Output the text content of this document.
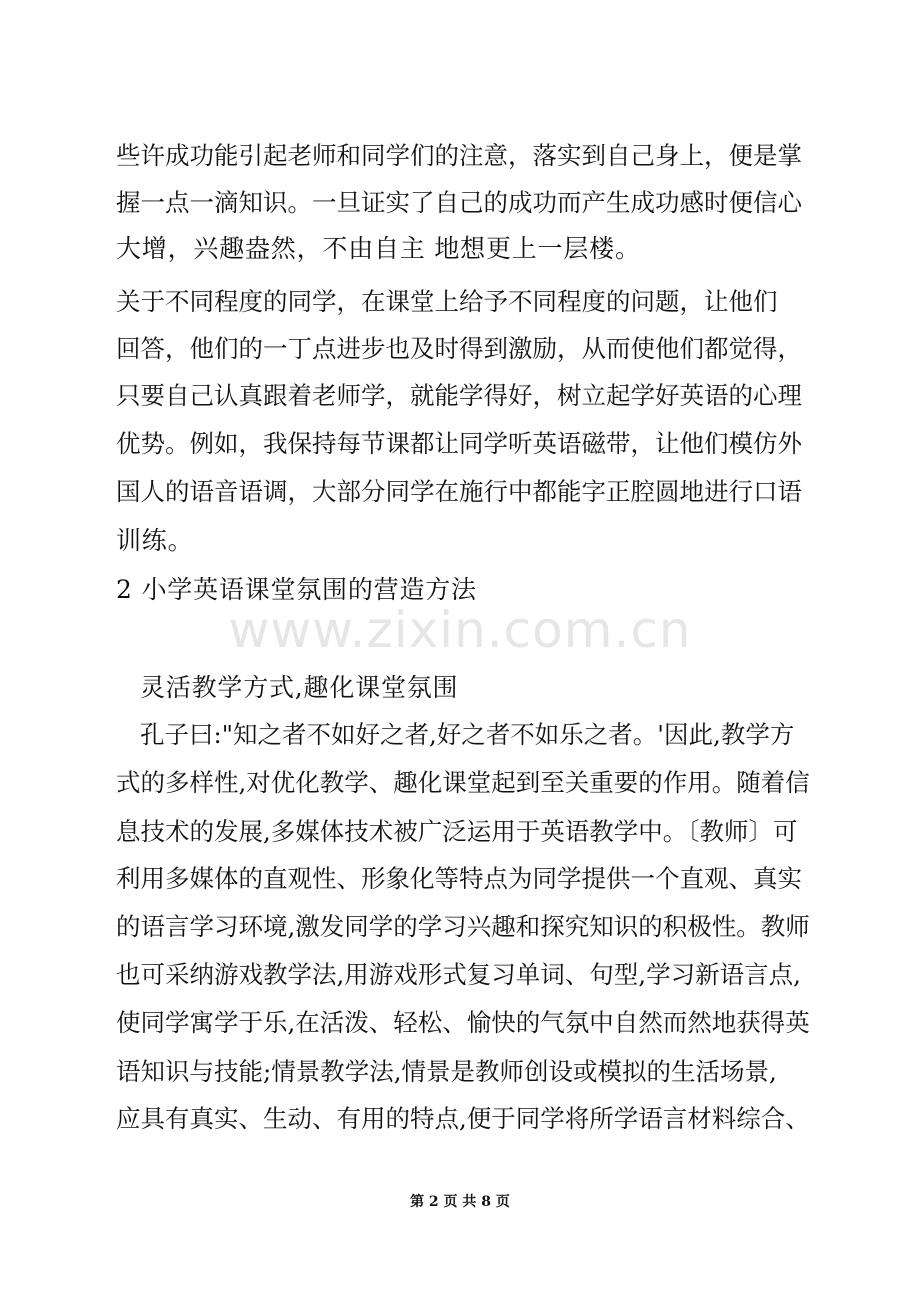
些许成功能引起老师和同学们的注意，落实到自己身上，便是掌
握一点一滴知识。一旦证实了自己的成功而产生成功感时便信心
大增，兴趣盎然，不由自主 地想更上一层楼。
关于不同程度的同学，在课堂上给予不同程度的问题，让他们
回答，他们的一丁点进步也及时得到激励，从而使他们都觉得，
只要自己认真跟着老师学，就能学得好，树立起学好英语的心理
优势。例如，我保持每节课都让同学听英语磁带，让他们模仿外
国人的语音语调，大部分同学在施行中都能字正腔圆地进行口语
训练。
2 小学英语课堂氛围的营造方法
www.zixin.com.cn
灵活教学方式,趣化课堂氛围
孔子曰:"知之者不如好之者,好之者不如乐之者。'因此,教学方
式的多样性,对优化教学、趣化课堂起到至关重要的作用。随着信
息技术的发展,多媒体技术被广泛运用于英语教学中。〔教师〕可
利用多媒体的直观性、形象化等特点为同学提供一个直观、真实
的语言学习环境,激发同学的学习兴趣和探究知识的积极性。教师
也可采纳游戏教学法,用游戏形式复习单词、句型,学习新语言点,
使同学寓学于乐,在活泼、轻松、愉快的气氛中自然而然地获得英
语知识与技能;情景教学法,情景是教师创设或模拟的生活场景,
应具有真实、生动、有用的特点,便于同学将所学语言材料综合、
第 2 页 共 8 页
